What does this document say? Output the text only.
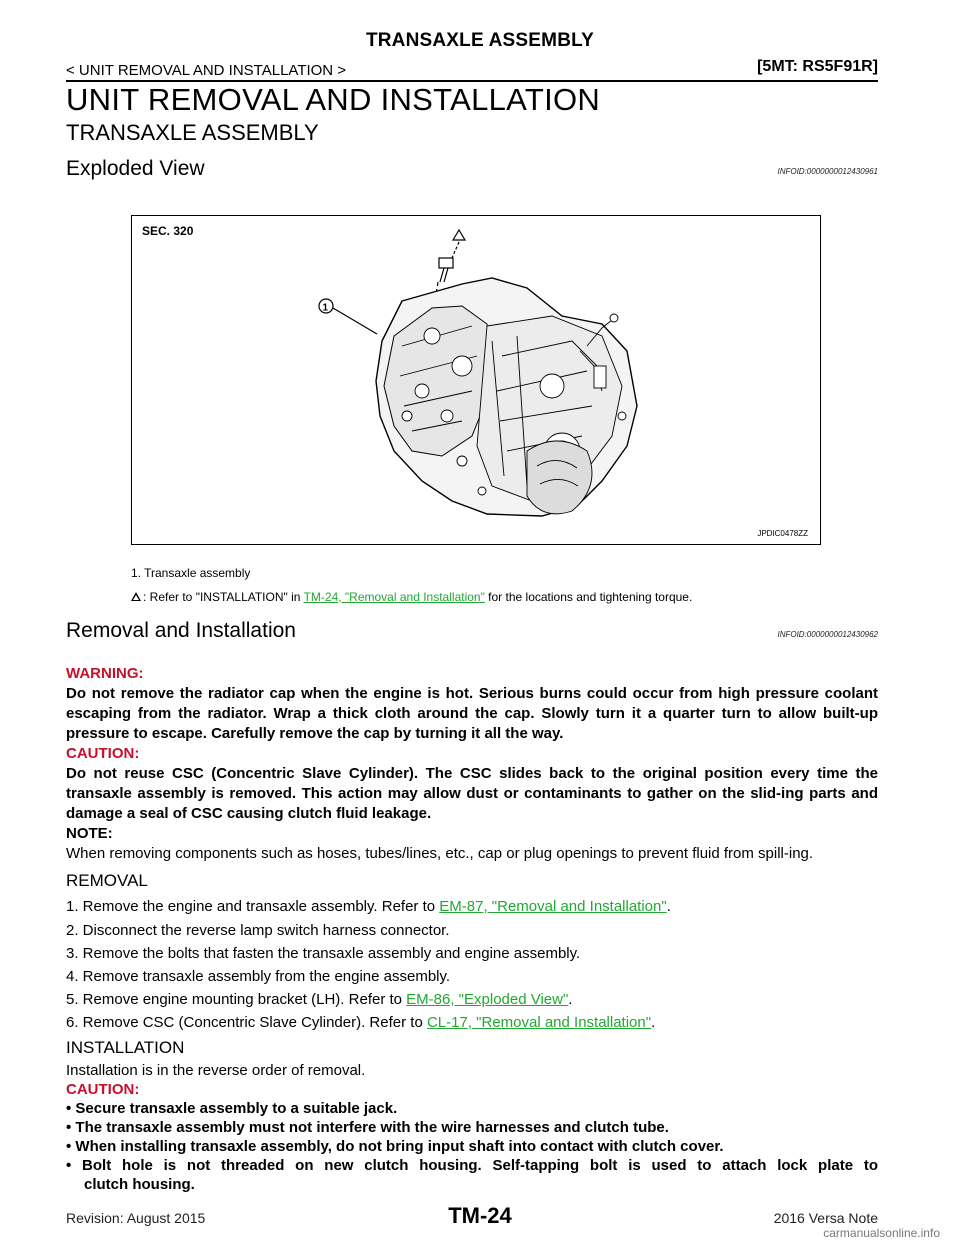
TRANSAXLE ASSEMBLY
< UNIT REMOVAL AND INSTALLATION >	[5MT: RS5F91R]
UNIT REMOVAL AND INSTALLATION
TRANSAXLE ASSEMBLY
Exploded View	INFOID:0000000012430961
SEC. 320
1
JPDIC0478ZZ
1. Transaxle assembly
: Refer to "INSTALLATION" in TM-24, "Removal and Installation" for the locations and tightening torque.
Removal and Installation	INFOID:0000000012430962
WARNING:
Do not remove the radiator cap when the engine is hot. Serious burns could occur from high pressure coolant escaping from the radiator. Wrap a thick cloth around the cap. Slowly turn it a quarter turn to allow built-up pressure to escape. Carefully remove the cap by turning it all the way.
CAUTION:
Do not reuse CSC (Concentric Slave Cylinder). The CSC slides back to the original position every time the transaxle assembly is removed. This action may allow dust or contaminants to gather on the slid-ing parts and damage a seal of CSC causing clutch fluid leakage.
NOTE:
When removing components such as hoses, tubes/lines, etc., cap or plug openings to prevent fluid from spill-ing.
REMOVAL
1. Remove the engine and transaxle assembly. Refer to EM-87, "Removal and Installation".
2. Disconnect the reverse lamp switch harness connector.
3. Remove the bolts that fasten the transaxle assembly and engine assembly.
4. Remove transaxle assembly from the engine assembly.
5. Remove engine mounting bracket (LH). Refer to EM-86, "Exploded View".
6. Remove CSC (Concentric Slave Cylinder). Refer to CL-17, "Removal and Installation".
INSTALLATION
Installation is in the reverse order of removal.
CAUTION:
• Secure transaxle assembly to a suitable jack.
• The transaxle assembly must not interfere with the wire harnesses and clutch tube.
• When installing transaxle assembly, do not bring input shaft into contact with clutch cover.
• Bolt hole is not threaded on new clutch housing. Self-tapping bolt is used to attach lock plate to
clutch housing.
Revision: August 2015	TM-24	2016 Versa Note
carmanualsonline.info
